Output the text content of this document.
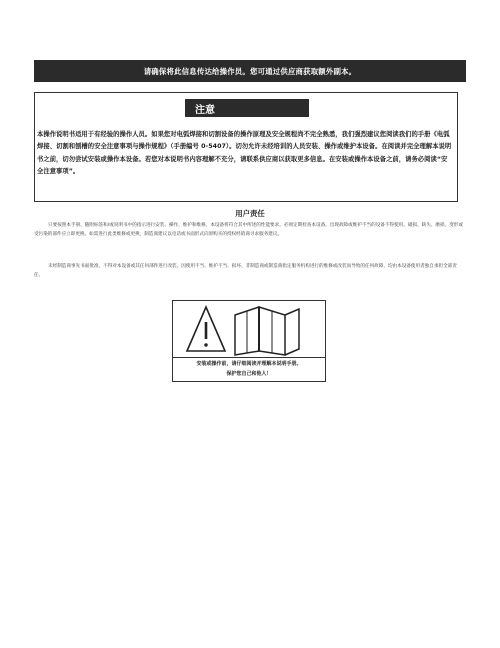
请确保将此信息传达给操作员。您可通过供应商获取额外副本。
注意
本操作说明书适用于有经验的操作人员。如果您对电弧焊接和切割设备的操作原理及安全规程尚不完全熟悉，我们强烈建议您阅读我们的手册《电弧焊接、切割和刨槽的安全注意事项与操作规程》（手册编号 0-5407）。切勿允许未经培训的人员安装、操作或维护本设备。在阅读并完全理解本说明书之前，切勿尝试安装或操作本设备。若您对本说明书内容理解不充分，请联系供应商以获取更多信息。在安装或操作本设备之前，请务必阅读“安全注意事项”。
用户责任
只要按照本手册、随附标签和/或说明书中的指示进行安装、操作、维护和维修，本设备将符合其中所述的性能要求。必须定期检查本设备。出现故障或维护不当的设备不得使用。破损、缺失、磨损、变形或受污染的部件应立即更换。如需进行此类维修或更换，制造商建议以电话或书面形式向原购买的授权经销商寻求服务建议。
未经制造商事先书面批准，不得对本设备或其任何部件进行改装。因使用不当、维护不当、损坏、非制造商或制造商指定服务机构进行的维修或改装而导致的任何故障，均由本设备使用者独自承担全部责任。
安装或操作前，请仔细阅读并理解本说明手册。
保护您自己和他人！
